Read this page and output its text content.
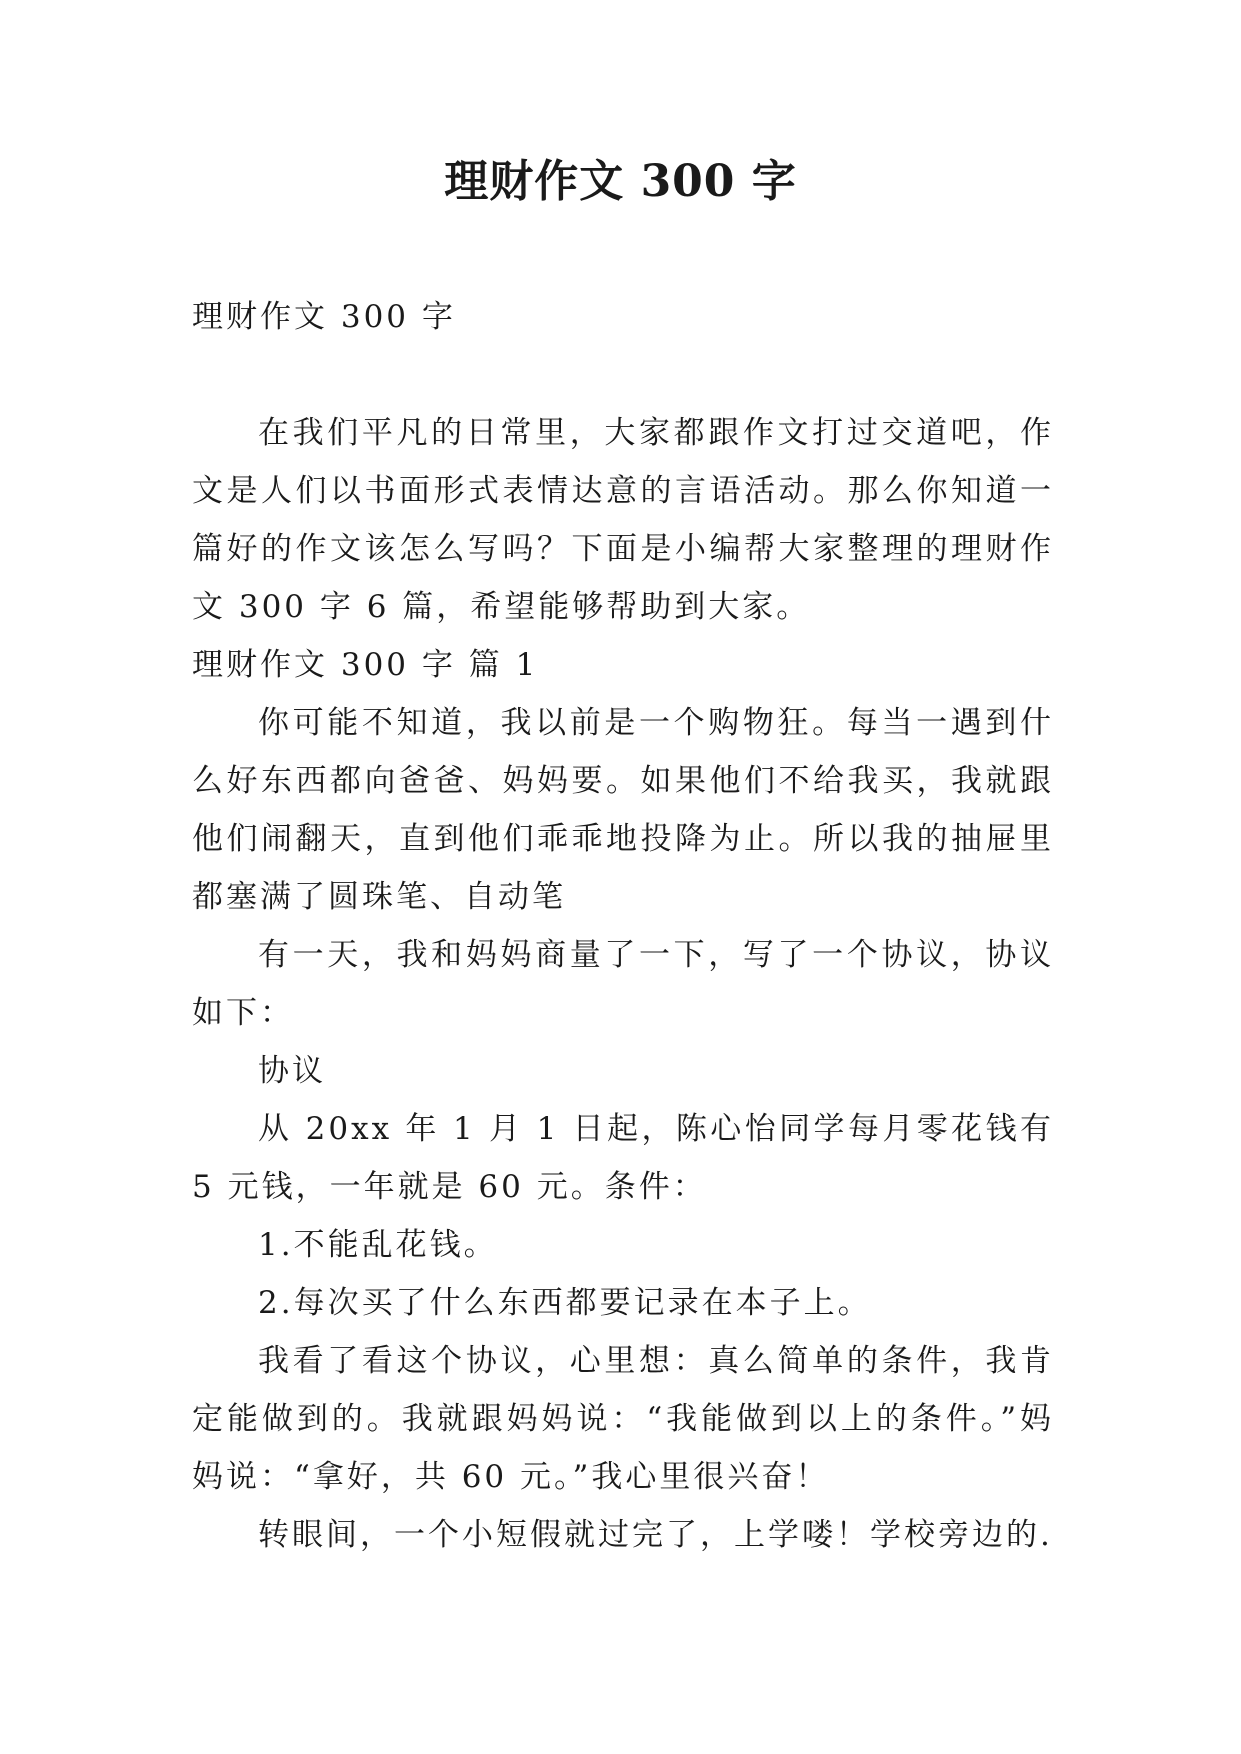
理财作文 300 字

理财作文 300 字

在我们平凡的日常里，大家都跟作文打过交道吧，作文是人们以书面形式表情达意的言语活动。那么你知道一篇好的作文该怎么写吗？下面是小编帮大家整理的理财作文 300 字 6 篇，希望能够帮助到大家。

理财作文 300 字 篇 1

你可能不知道，我以前是一个购物狂。每当一遇到什么好东西都向爸爸、妈妈要。如果他们不给我买，我就跟他们闹翻天，直到他们乖乖地投降为止。所以我的抽屉里都塞满了圆珠笔、自动笔

有一天，我和妈妈商量了一下，写了一个协议，协议如下：

协议

从 20xx 年 1 月 1 日起，陈心怡同学每月零花钱有 5 元钱，一年就是 60 元。条件：

1.不能乱花钱。

2.每次买了什么东西都要记录在本子上。

我看了看这个协议，心里想：真么简单的条件，我肯定能做到的。我就跟妈妈说：“我能做到以上的条件。”妈妈说：“拿好，共 60 元。”我心里很兴奋！

转眼间，一个小短假就过完了，上学喽！学校旁边的.
